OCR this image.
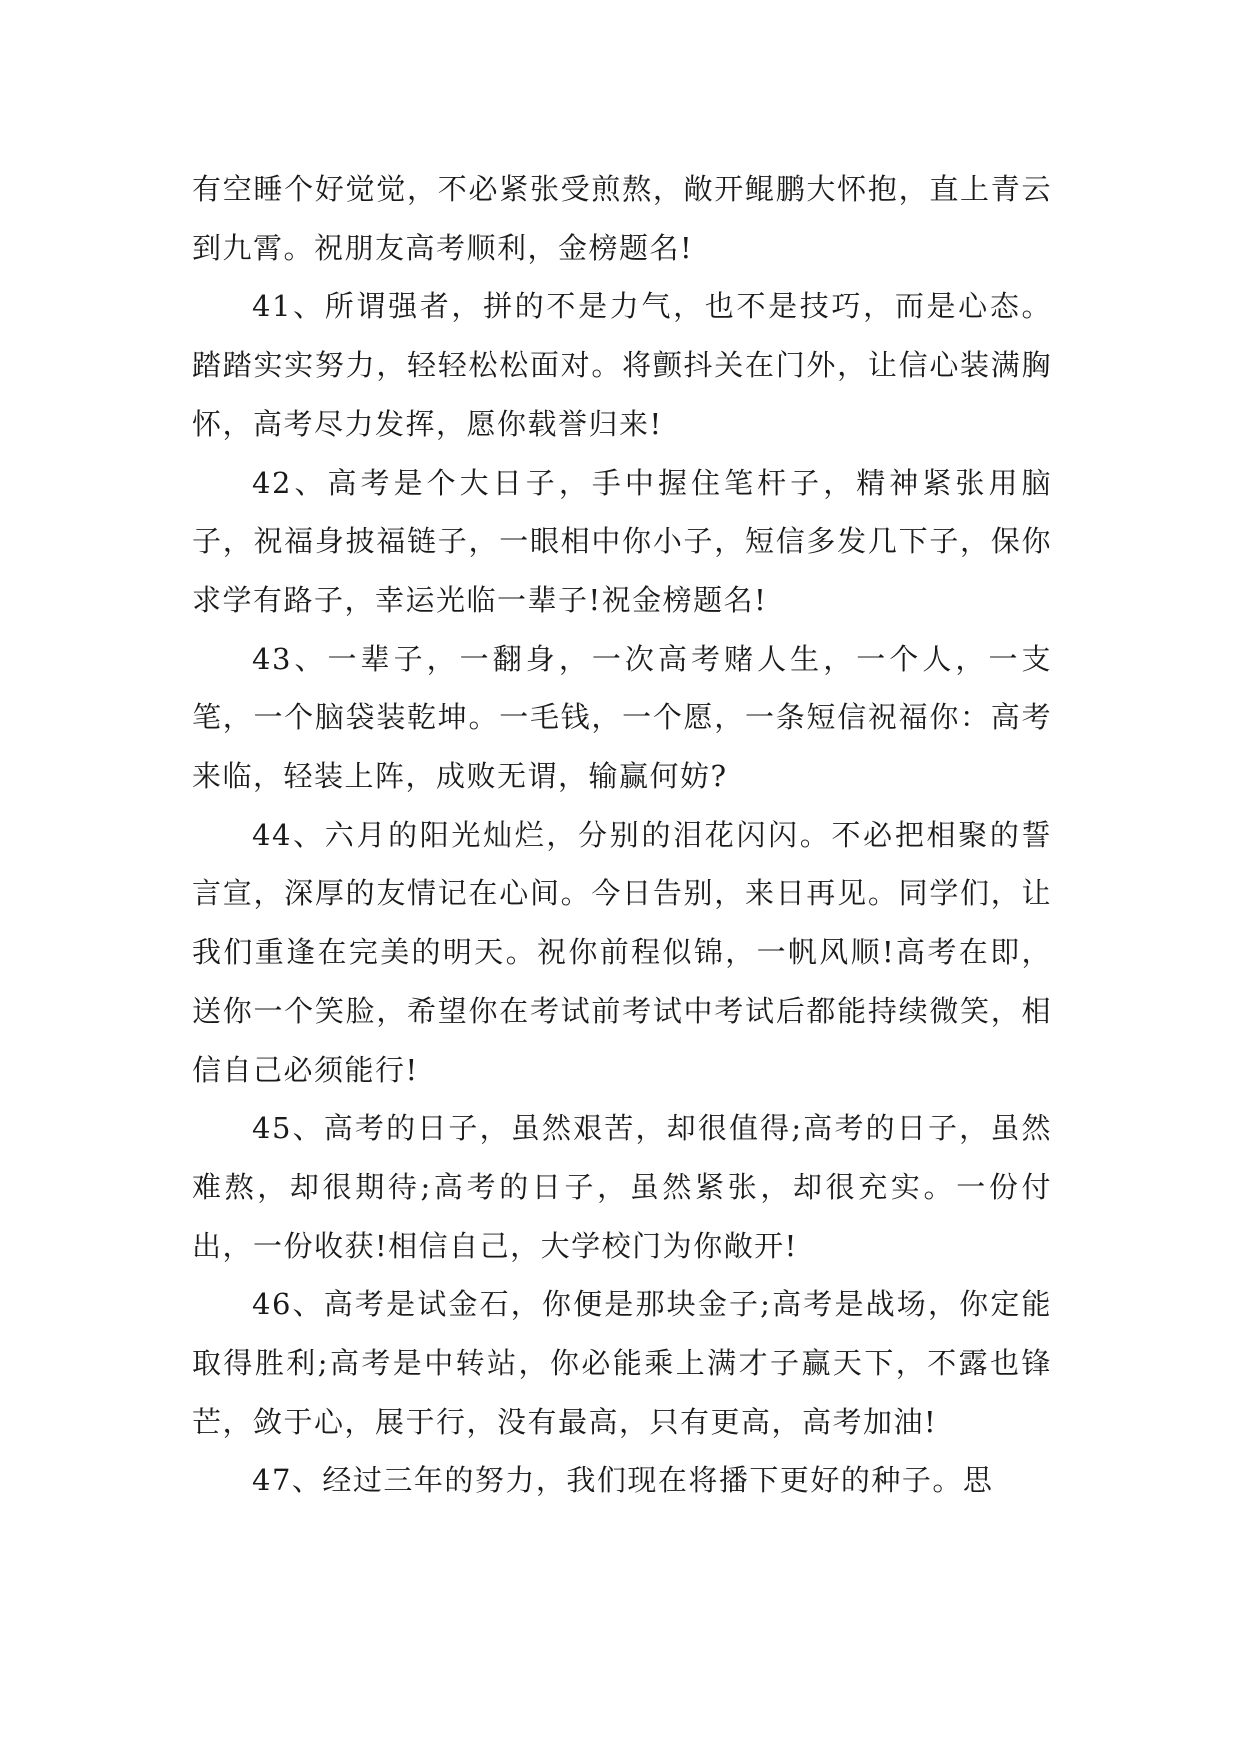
有空睡个好觉觉，不必紧张受煎熬，敞开鲲鹏大怀抱，直上青云到九霄。祝朋友高考顺利，金榜题名!

41、所谓强者，拼的不是力气，也不是技巧，而是心态。踏踏实实努力，轻轻松松面对。将颤抖关在门外，让信心装满胸怀，高考尽力发挥，愿你载誉归来!

42、高考是个大日子，手中握住笔杆子，精神紧张用脑子，祝福身披福链子，一眼相中你小子，短信多发几下子，保你求学有路子，幸运光临一辈子!祝金榜题名!

43、一辈子，一翻身，一次高考赌人生，一个人，一支笔，一个脑袋装乾坤。一毛钱，一个愿，一条短信祝福你：高考来临，轻装上阵，成败无谓，输赢何妨?

44、六月的阳光灿烂，分别的泪花闪闪。不必把相聚的誓言宣，深厚的友情记在心间。今日告别，来日再见。同学们，让我们重逢在完美的明天。祝你前程似锦，一帆风顺!高考在即，送你一个笑脸，希望你在考试前考试中考试后都能持续微笑，相信自己必须能行!

45、高考的日子，虽然艰苦，却很值得;高考的日子，虽然难熬，却很期待;高考的日子，虽然紧张，却很充实。一份付出，一份收获!相信自己，大学校门为你敞开!

46、高考是试金石，你便是那块金子;高考是战场，你定能取得胜利;高考是中转站，你必能乘上满才子赢天下，不露也锋芒，敛于心，展于行，没有最高，只有更高，高考加油!

47、经过三年的努力，我们现在将播下更好的种子。思
